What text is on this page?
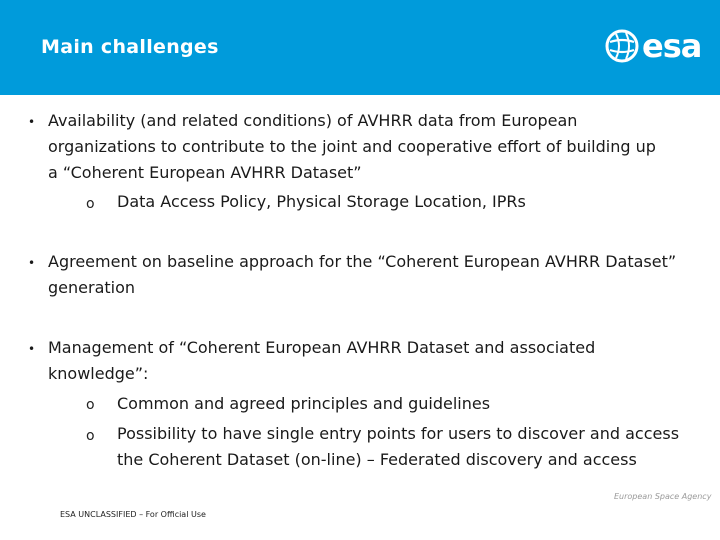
Main challenges	esa
• Availability (and related conditions) of AVHRR data from European organizations to contribute to the joint and cooperative effort of building up a “Coherent European AVHRR Dataset”
o Data Access Policy, Physical Storage Location, IPRs
• Agreement on baseline approach for the “Coherent European AVHRR Dataset” generation
• Management of “Coherent European AVHRR Dataset and associated knowledge”:
o Common and agreed principles and guidelines
o Possibility to have single entry points for users to discover and access the Coherent Dataset (on-line) – Federated discovery and access
European Space Agency
ESA UNCLASSIFIED – For Official Use
